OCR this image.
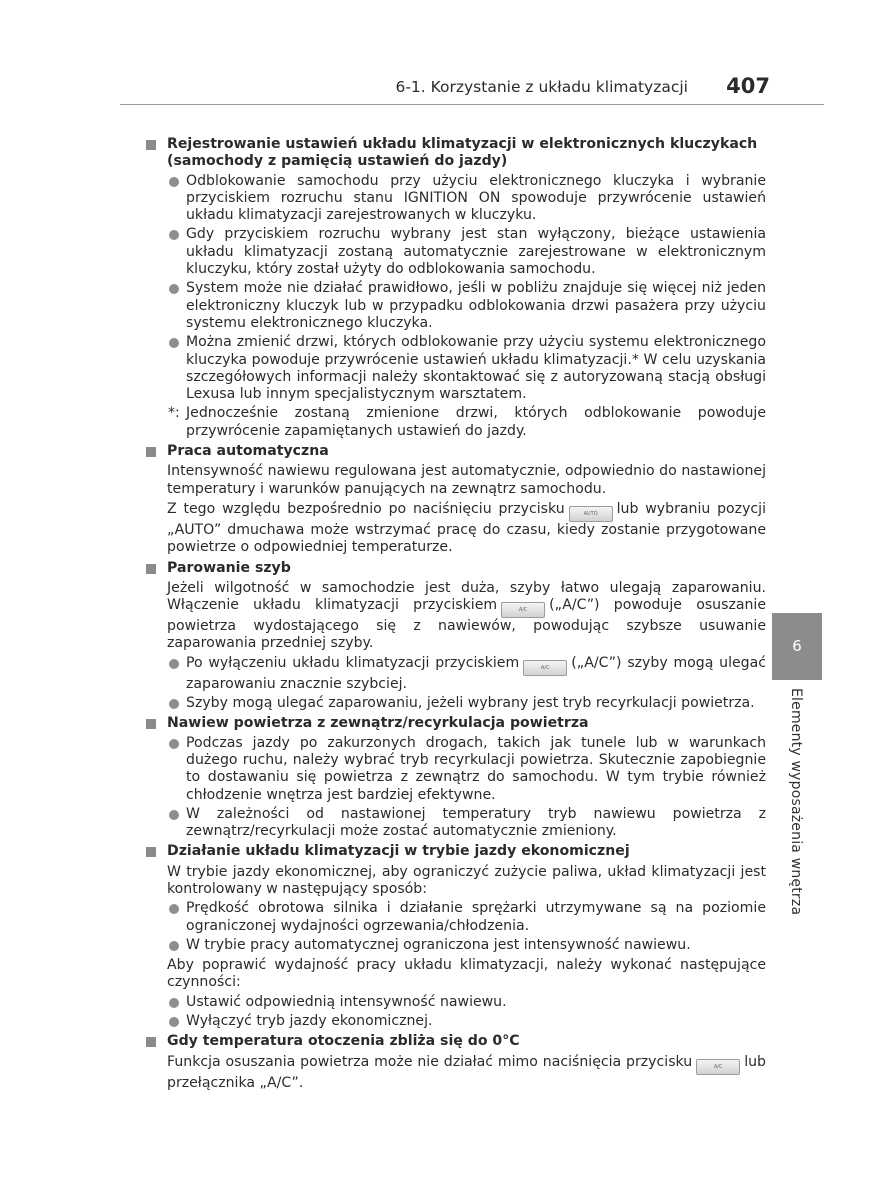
6-1. Korzystanie z układu klimatyzacji 407
6
Elementy wyposażenia wnętrza
Rejestrowanie ustawień układu klimatyzacji w elektronicznych kluczykach (samochody z pamięcią ustawień do jazdy)
Odblokowanie samochodu przy użyciu elektronicznego kluczyka i wybranie przyciskiem rozruchu stanu IGNITION ON spowoduje przywrócenie ustawień układu klimatyzacji zarejestrowanych w kluczyku.
Gdy przyciskiem rozruchu wybrany jest stan wyłączony, bieżące ustawienia układu klimatyzacji zostaną automatycznie zarejestrowane w elektronicznym kluczyku, który został użyty do odblokowania samochodu.
System może nie działać prawidłowo, jeśli w pobliżu znajduje się więcej niż jeden elektroniczny kluczyk lub w przypadku odblokowania drzwi pasażera przy użyciu systemu elektronicznego kluczyka.
Można zmienić drzwi, których odblokowanie przy użyciu systemu elektronicznego kluczyka powoduje przywrócenie ustawień układu klimatyzacji.* W celu uzyskania szczegółowych informacji należy skontaktować się z autoryzowaną stacją obsługi Lexusa lub innym specjalistycznym warsztatem.
*: Jednocześnie zostaną zmienione drzwi, których odblokowanie powoduje przywrócenie zapamiętanych ustawień do jazdy.
Praca automatyczna
Intensywność nawiewu regulowana jest automatycznie, odpowiednio do nastawionej temperatury i warunków panujących na zewnątrz samochodu.
Z tego względu bezpośrednio po naciśnięciu przycisku	AUTO lub wybraniu pozycji „AUTO” dmuchawa może wstrzymać pracę do czasu, kiedy zostanie przygotowane powietrze o odpowiedniej temperaturze.
Parowanie szyb
Jeżeli wilgotność w samochodzie jest duża, szyby łatwo ulegają zaparowaniu. Włączenie układu klimatyzacji przyciskiem	A/C („A/C”) powoduje osuszanie powietrza wydostającego się z nawiewów, powodując szybsze usuwanie zaparowania przedniej szyby.
Po wyłączeniu układu klimatyzacji przyciskiem	A/C („A/C”) szyby mogą ulegać zaparowaniu znacznie szybciej.
Szyby mogą ulegać zaparowaniu, jeżeli wybrany jest tryb recyrkulacji powietrza.
Nawiew powietrza z zewnątrz/recyrkulacja powietrza
Podczas jazdy po zakurzonych drogach, takich jak tunele lub w warunkach dużego ruchu, należy wybrać tryb recyrkulacji powietrza. Skutecznie zapobiegnie to dostawaniu się powietrza z zewnątrz do samochodu. W tym trybie również chłodzenie wnętrza jest bardziej efektywne.
W zależności od nastawionej temperatury tryb nawiewu powietrza z zewnątrz/recyrkulacji może zostać automatycznie zmieniony.
Działanie układu klimatyzacji w trybie jazdy ekonomicznej
W trybie jazdy ekonomicznej, aby ograniczyć zużycie paliwa, układ klimatyzacji jest kontrolowany w następujący sposób:
Prędkość obrotowa silnika i działanie sprężarki utrzymywane są na poziomie ograniczonej wydajności ogrzewania/chłodzenia.
W trybie pracy automatycznej ograniczona jest intensywność nawiewu.
Aby poprawić wydajność pracy układu klimatyzacji, należy wykonać następujące czynności:
Ustawić odpowiednią intensywność nawiewu.
Wyłączyć tryb jazdy ekonomicznej.
Gdy temperatura otoczenia zbliża się do 0°C
Funkcja osuszania powietrza może nie działać mimo naciśnięcia przycisku	A/C lub przełącznika „A/C”.
